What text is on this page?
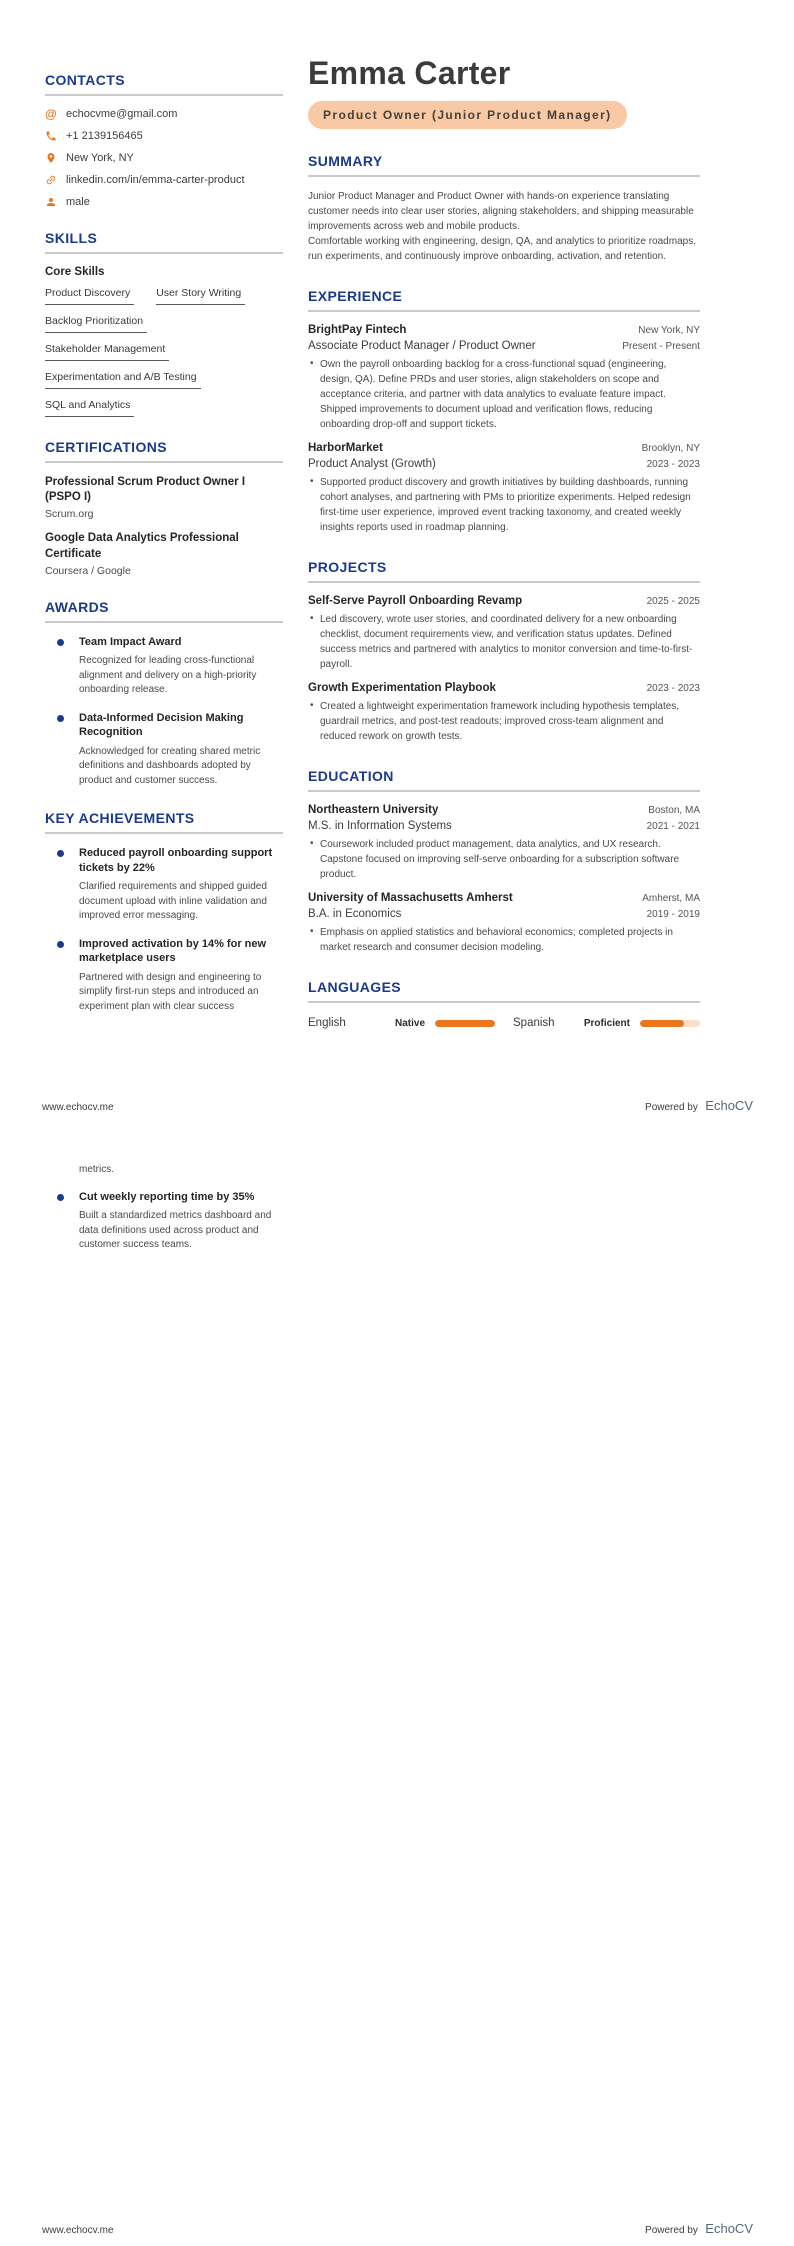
CONTACTS
@ echocvme@gmail.com
+1 2139156465
New York, NY
linkedin.com/in/emma-carter-product
male
SKILLS
Core Skills
Product Discovery	User Story Writing
Backlog Prioritization
Stakeholder Management
Experimentation and A/B Testing
SQL and Analytics
CERTIFICATIONS
Professional Scrum Product Owner I (PSPO I)
Scrum.org
Google Data Analytics Professional Certificate
Coursera / Google
AWARDS

Team Impact Award

Recognized for leading cross-functional alignment and delivery on a high-priority onboarding release.

Data-Informed Decision Making Recognition

Acknowledged for creating shared metric definitions and dashboards adopted by product and customer success.

KEY ACHIEVEMENTS

Reduced payroll onboarding support tickets by 22%

Clarified requirements and shipped guided document upload with inline validation and improved error messaging.

Improved activation by 14% for new marketplace users

Partnered with design and engineering to simplify first-run steps and introduced an experiment plan with clear success

Emma Carter
Product Owner (Junior Product Manager)
SUMMARY

Junior Product Manager and Product Owner with hands-on experience translating customer needs into clear user stories, aligning stakeholders, and shipping measurable improvements across web and mobile products.

Comfortable working with engineering, design, QA, and analytics to prioritize roadmaps, run experiments, and continuously improve onboarding, activation, and retention.

EXPERIENCE
BrightPay Fintech	New York, NY
Associate Product Manager / Product Owner	Present - Present

• Own the payroll onboarding backlog for a cross-functional squad (engineering, design, QA). Define PRDs and user stories, align stakeholders on scope and acceptance criteria, and partner with data analytics to evaluate feature impact. Shipped improvements to document upload and verification flows, reducing onboarding drop-off and support tickets.

HarborMarket	Brooklyn, NY
Product Analyst (Growth)	2023 - 2023

• Supported product discovery and growth initiatives by building dashboards, running cohort analyses, and partnering with PMs to prioritize experiments. Helped redesign first-time user experience, improved event tracking taxonomy, and created weekly insights reports used in roadmap planning.

PROJECTS
Self-Serve Payroll Onboarding Revamp	2025 - 2025

• Led discovery, wrote user stories, and coordinated delivery for a new onboarding checklist, document requirements view, and verification status updates. Defined success metrics and partnered with analytics to monitor conversion and time-to-first-payroll.

Growth Experimentation Playbook	2023 - 2023

• Created a lightweight experimentation framework including hypothesis templates, guardrail metrics, and post-test readouts; improved cross-team alignment and reduced rework on growth tests.

EDUCATION
Northeastern University	Boston, MA
M.S. in Information Systems	2021 - 2021

• Coursework included product management, data analytics, and UX research. Capstone focused on improving self-serve onboarding for a subscription software product.

University of Massachusetts Amherst	Amherst, MA
B.A. in Economics	2019 - 2019

• Emphasis on applied statistics and behavioral economics; completed projects in market research and consumer decision modeling.

LANGUAGES
English	Native	Spanish	Proficient
www.echocv.me	Powered by EchoCV

metrics.

Cut weekly reporting time by 35%

Built a standardized metrics dashboard and data definitions used across product and customer success teams.

www.echocv.me	Powered by EchoCV
